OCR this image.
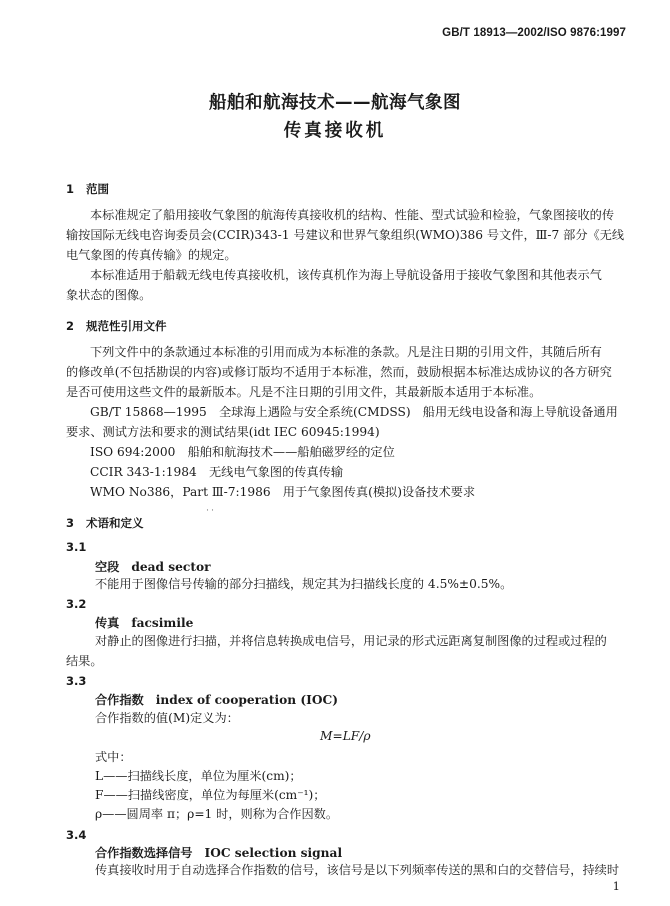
GB/T 18913—2002/ISO 9876:1997
船舶和航海技术——航海气象图
传真接收机
1 范围
本标准规定了船用接收气象图的航海传真接收机的结构、性能、型式试验和检验，气象图接收的传
输按国际无线电咨询委员会(CCIR)343-1 号建议和世界气象组织(WMO)386 号文件，Ⅲ-7 部分《无线
电气象图的传真传输》的规定。
本标准适用于船载无线电传真接收机，该传真机作为海上导航设备用于接收气象图和其他表示气
象状态的图像。
2 规范性引用文件
下列文件中的条款通过本标准的引用而成为本标准的条款。凡是注日期的引用文件，其随后所有
的修改单(不包括勘误的内容)或修订版均不适用于本标准，然而，鼓励根据本标准达成协议的各方研究
是否可使用这些文件的最新版本。凡是不注日期的引用文件，其最新版本适用于本标准。
GB/T 15868—1995　全球海上遇险与安全系统(CMDSS)　船用无线电设备和海上导航设备通用
要求、测试方法和要求的测试结果(idt IEC 60945:1994)
ISO 694:2000　船舶和航海技术——船舶磁罗经的定位
CCIR 343-1:1984　无线电气象图的传真传输
WMO No386，Part Ⅲ-7:1986　用于气象图传真(模拟)设备技术要求
3 术语和定义
˙˙
3.1
空段 dead sector
不能用于图像信号传输的部分扫描线，规定其为扫描线长度的 4.5%±0.5%。
3.2
传真 facsimile
对静止的图像进行扫描，并将信息转换成电信号，用记录的形式远距离复制图像的过程或过程的
结果。
3.3
合作指数 index of cooperation (IOC)
合作指数的值(M)定义为：
M=LF/ρ
式中：
L——扫描线长度，单位为厘米(cm)；
F——扫描线密度，单位为每厘米(cm⁻¹)；
ρ——圆周率 π；ρ=1 时，则称为合作因数。
3.4
合作指数选择信号 IOC selection signal
传真接收时用于自动选择合作指数的信号，该信号是以下列频率传送的黑和白的交替信号，持续时
1
